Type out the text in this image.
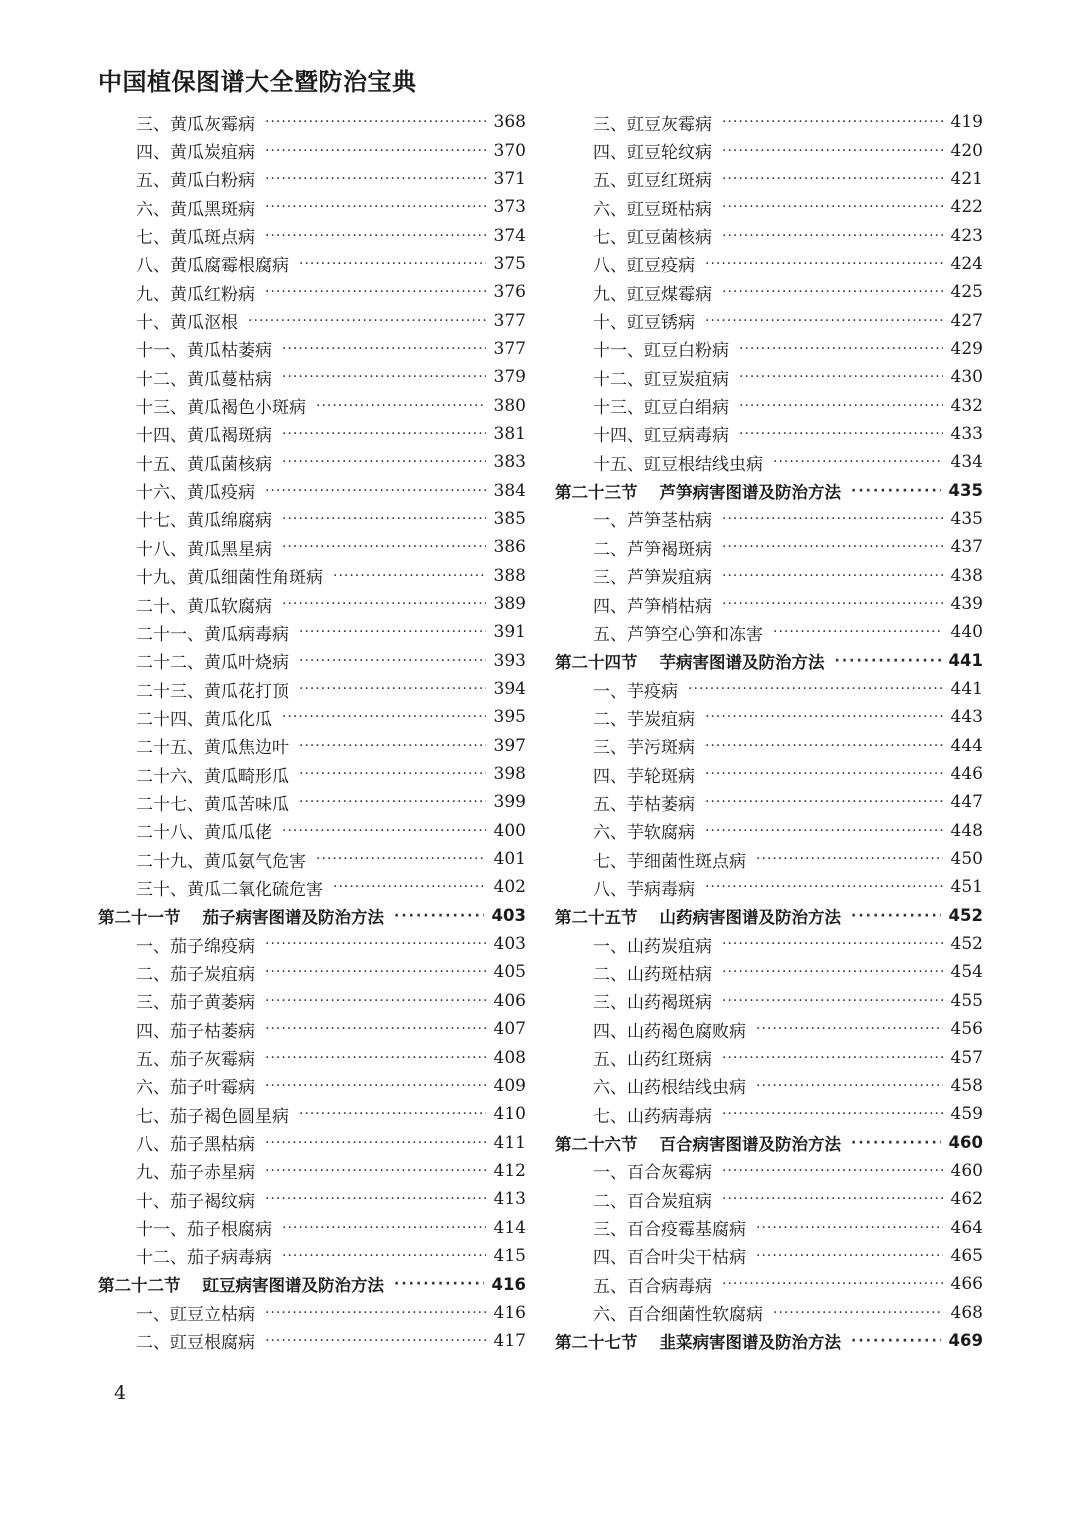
中国植保图谱大全暨防治宝典
三、黄瓜灰霉病 ·····	368
四、黄瓜炭疽病 ·····	370
五、黄瓜白粉病 ·····	371
六、黄瓜黑斑病 ·····	373
七、黄瓜斑点病 ·····	374
八、黄瓜腐霉根腐病 ·····	375
九、黄瓜红粉病 ·····	376
十、黄瓜沤根 ·····	377
十一、黄瓜枯萎病 ·····	377
十二、黄瓜蔓枯病 ·····	379
十三、黄瓜褐色小斑病 ·····	380
十四、黄瓜褐斑病 ·····	381
十五、黄瓜菌核病 ·····	383
十六、黄瓜疫病 ·····	384
十七、黄瓜绵腐病 ·····	385
十八、黄瓜黑星病 ·····	386
十九、黄瓜细菌性角斑病 ·····	388
二十、黄瓜软腐病 ·····	389
二十一、黄瓜病毒病 ·····	391
二十二、黄瓜叶烧病 ·····	393
二十三、黄瓜花打顶 ·····	394
二十四、黄瓜化瓜 ·····	395
二十五、黄瓜焦边叶 ·····	397
二十六、黄瓜畸形瓜 ·····	398
二十七、黄瓜苦味瓜 ·····	399
二十八、黄瓜瓜佬 ·····	400
二十九、黄瓜氨气危害 ·····	401
三十、黄瓜二氧化硫危害 ·····	402
第二十一节 茄子病害图谱及防治方法 ·····	403
一、茄子绵疫病 ·····	403
二、茄子炭疽病 ·····	405
三、茄子黄萎病 ·····	406
四、茄子枯萎病 ·····	407
五、茄子灰霉病 ·····	408
六、茄子叶霉病 ·····	409
七、茄子褐色圆星病 ·····	410
八、茄子黑枯病 ·····	411
九、茄子赤星病 ·····	412
十、茄子褐纹病 ·····	413
十一、茄子根腐病 ·····	414
十二、茄子病毒病 ·····	415
第二十二节 豇豆病害图谱及防治方法 ·····	416
一、豇豆立枯病 ·····	416
二、豇豆根腐病 ·····	417
三、豇豆灰霉病 ·····	419
四、豇豆轮纹病 ·····	420
五、豇豆红斑病 ·····	421
六、豇豆斑枯病 ·····	422
七、豇豆菌核病 ·····	423
八、豇豆疫病 ·····	424
九、豇豆煤霉病 ·····	425
十、豇豆锈病 ·····	427
十一、豇豆白粉病 ·····	429
十二、豇豆炭疽病 ·····	430
十三、豇豆白绢病 ·····	432
十四、豇豆病毒病 ·····	433
十五、豇豆根结线虫病 ·····	434
第二十三节 芦笋病害图谱及防治方法 ·····	435
一、芦笋茎枯病 ·····	435
二、芦笋褐斑病 ·····	437
三、芦笋炭疽病 ·····	438
四、芦笋梢枯病 ·····	439
五、芦笋空心笋和冻害 ·····	440
第二十四节 芋病害图谱及防治方法 ·····	441
一、芋疫病 ·····	441
二、芋炭疽病 ·····	443
三、芋污斑病 ·····	444
四、芋轮斑病 ·····	446
五、芋枯萎病 ·····	447
六、芋软腐病 ·····	448
七、芋细菌性斑点病 ·····	450
八、芋病毒病 ·····	451
第二十五节 山药病害图谱及防治方法 ·····	452
一、山药炭疽病 ·····	452
二、山药斑枯病 ·····	454
三、山药褐斑病 ·····	455
四、山药褐色腐败病 ·····	456
五、山药红斑病 ·····	457
六、山药根结线虫病 ·····	458
七、山药病毒病 ·····	459
第二十六节 百合病害图谱及防治方法 ·····	460
一、百合灰霉病 ·····	460
二、百合炭疽病 ·····	462
三、百合疫霉基腐病 ·····	464
四、百合叶尖干枯病 ·····	465
五、百合病毒病 ·····	466
六、百合细菌性软腐病 ·····	468
第二十七节 韭菜病害图谱及防治方法 ·····	469
4
